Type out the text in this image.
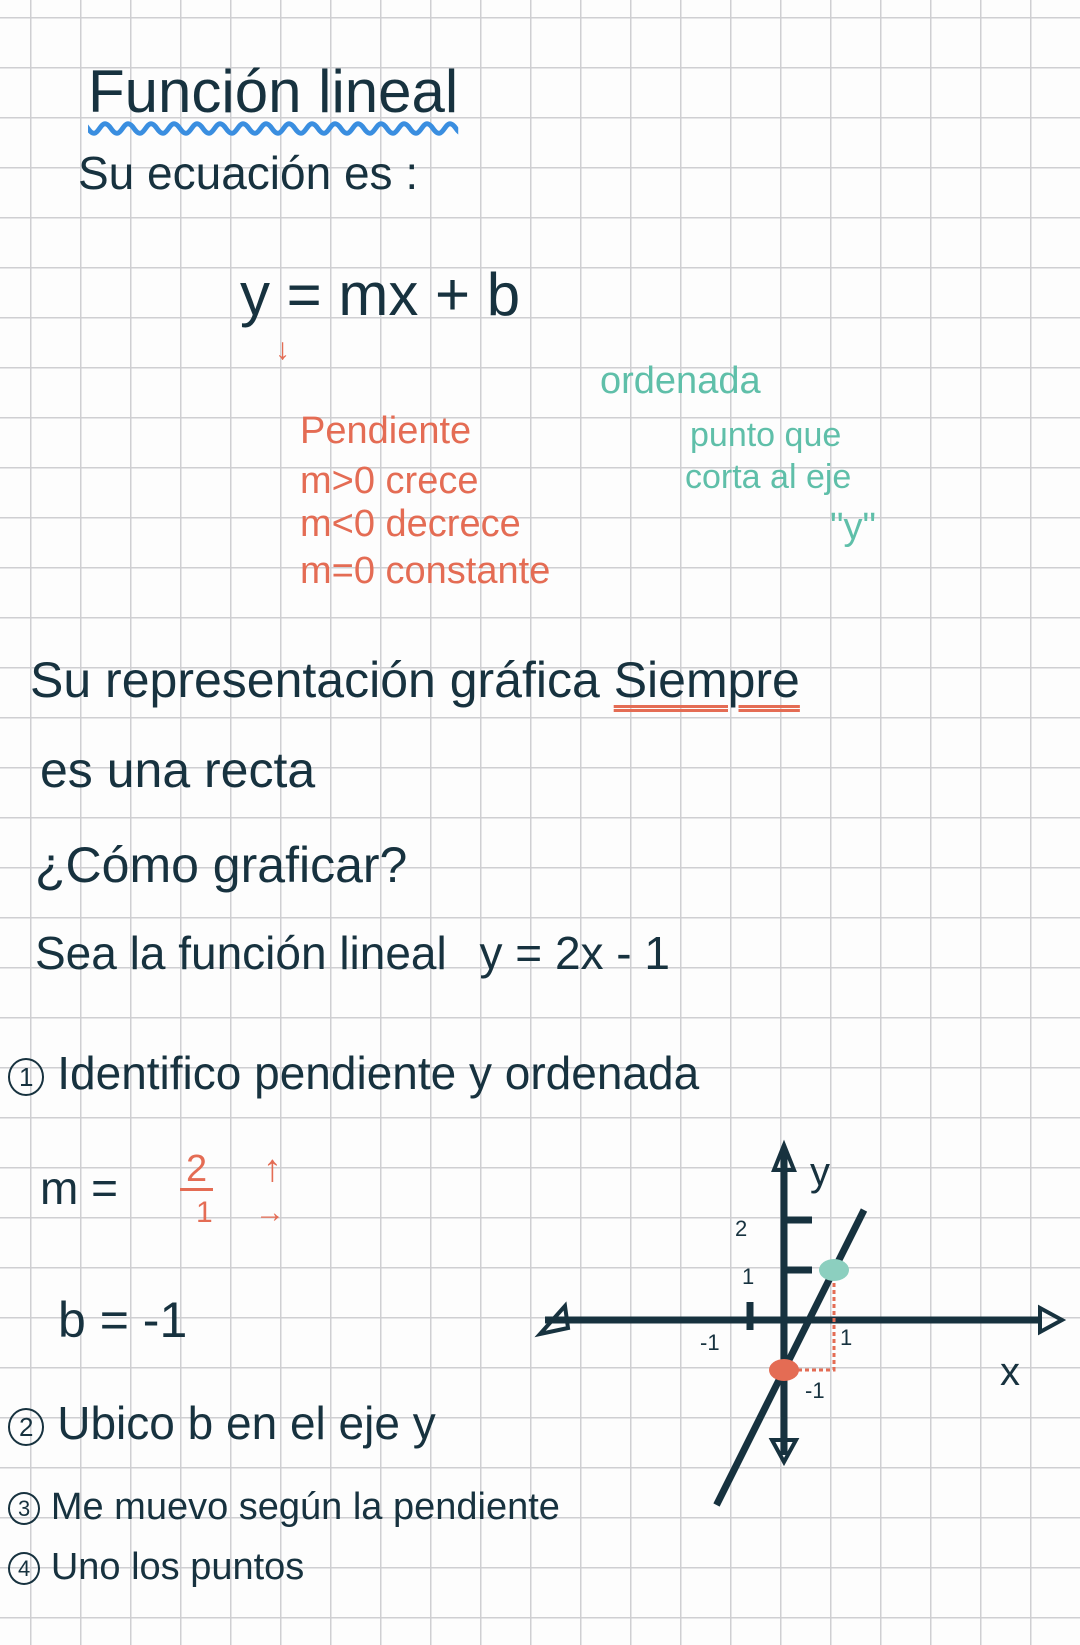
Función lineal
Su ecuación es :
y = mx + b
↓
Pendiente
m>0 crece
m<0 decrece
m=0 constante
ordenada
punto que
corta al eje
"y"
Su representación gráfica Siempre
es una recta
¿Cómo graficar?
Sea la función lineal y = 2x - 1
1 Identifico pendiente y ordenada
m = 2
1
↑
→
b = -1
2 Ubico b en el eje y
3 Me muevo según la pendiente
4 Uno los puntos
y
x
-1	1
2
1
-1
